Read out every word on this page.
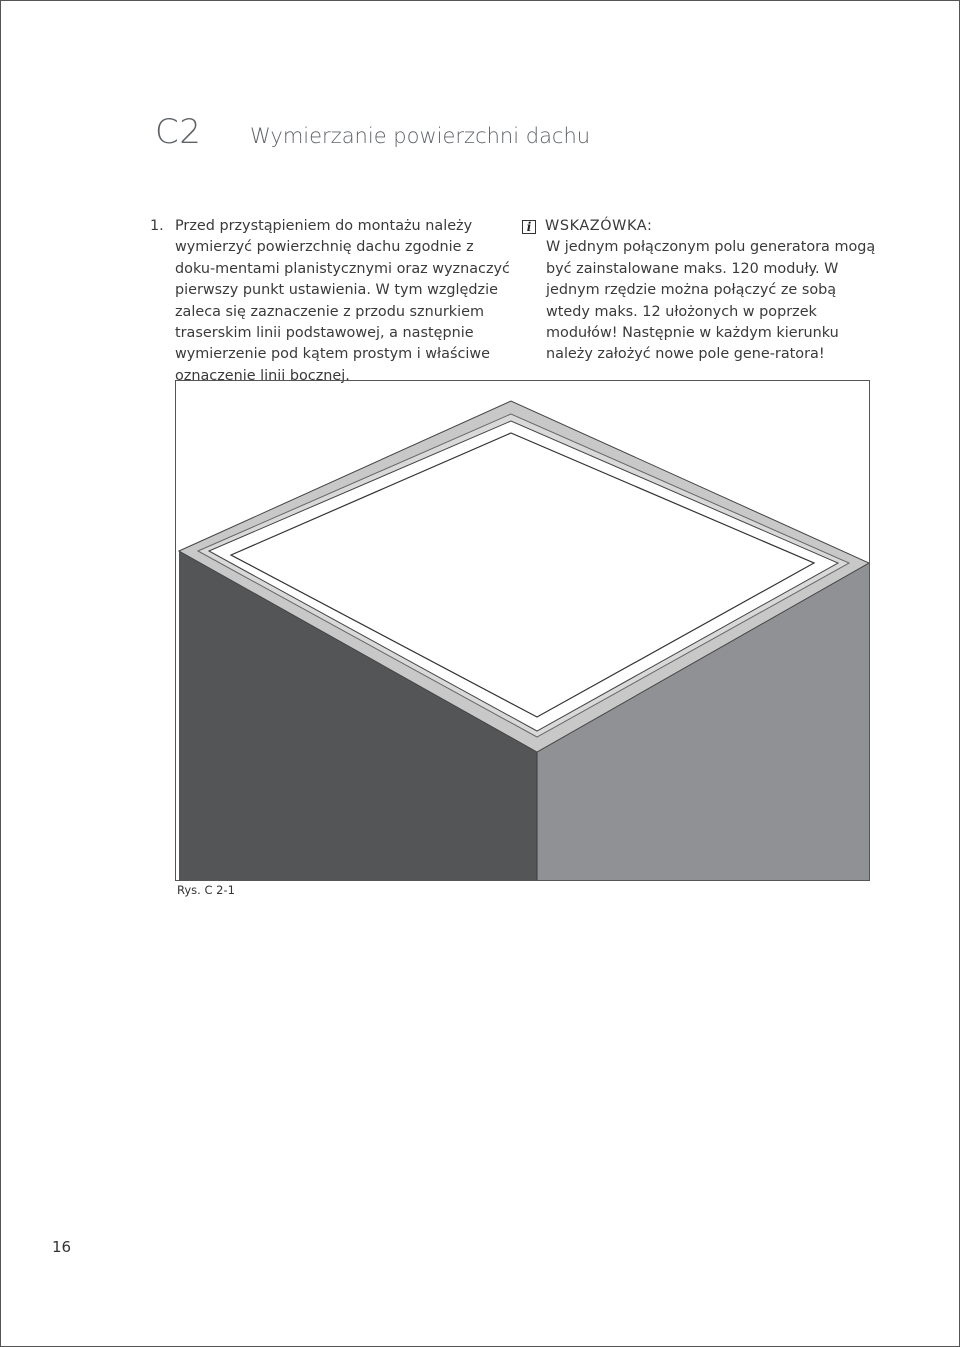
C2 Wymierzanie powierzchni dachu
1. Przed przystąpieniem do montażu należy wymierzyć powierzchnię dachu zgodnie z doku-mentami planistycznymi oraz wyznaczyć pierwszy punkt ustawienia. W tym względzie zaleca się zaznaczenie z przodu sznurkiem traserskim linii podstawowej, a następnie wymierzenie pod kątem prostym i właściwe oznaczenie linii bocznej.
i WSKAZÓWKA:
W jednym połączonym polu generatora mogą być zainstalowane maks. 120 moduły. W jednym rzędzie można połączyć ze sobą wtedy maks. 12 ułożonych w poprzek modułów! Następnie w każdym kierunku należy założyć nowe pole gene-ratora!
Rys. C 2-1
16
